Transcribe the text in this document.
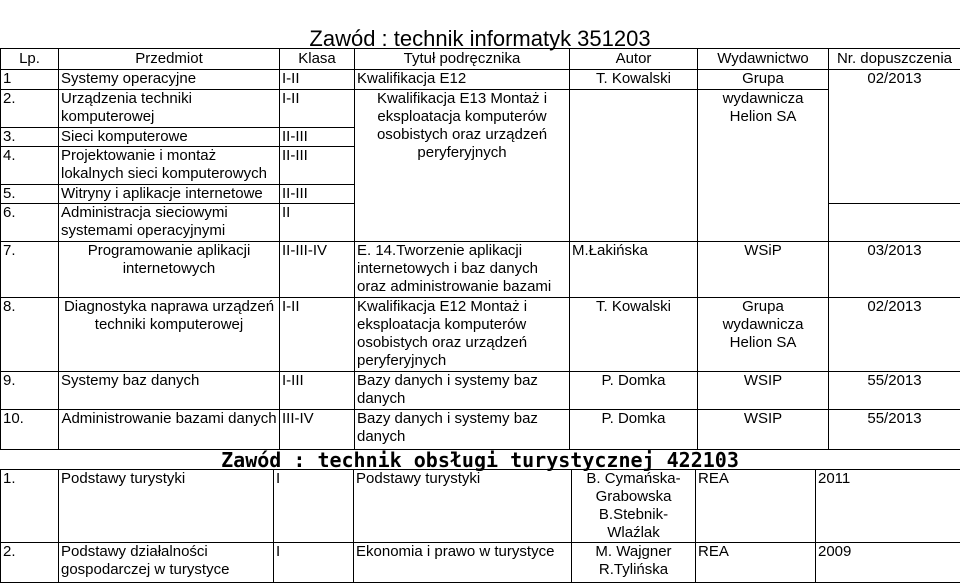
Zawód : technik informatyk 351203
Lp.	Przedmiot	Klasa	Tytuł podręcznika	Autor	Wydawnictwo	Nr. dopuszczenia
1	Systemy operacyjne	I-II	Kwalifikacja E12	T. Kowalski	Grupa	02/2013
2.	Urządzenia techniki komputerowej	I-II	Kwalifikacja E13 Montaż i eksploatacja komputerów osobistych oraz urządzeń peryferyjnych		wydawnicza Helion SA	
3.	Sieci komputerowe	II-III				
4.	Projektowanie i montaż lokalnych sieci komputerowych	II-III				
5.	Witryny i aplikacje internetowe	II-III				
6.	Administracja sieciowymi systemami operacyjnymi	II				
7.	Programowanie aplikacji internetowych	II-III-IV	E. 14.Tworzenie aplikacji internetowych i baz danych oraz administrowanie bazami	M.Łakińska	WSiP	03/2013
8.	Diagnostyka naprawa urządzeń techniki komputerowej	I-II	Kwalifikacja E12 Montaż i eksploatacja komputerów osobistych oraz urządzeń peryferyjnych	T. Kowalski	Grupa wydawnicza Helion SA	02/2013
9.	Systemy baz danych	I-III	Bazy danych i systemy baz danych	P. Domka	WSIP	55/2013
10.	Administrowanie bazami danych	III-IV	Bazy danych i systemy baz danych	P. Domka	WSIP	55/2013
Zawód : technik obsługi turystycznej 422103
1.	Podstawy turystyki	I	Podstawy turystyki	B. Cymańska-Grabowska B.Stebnik-Wlaźlak	REA	2011
2.	Podstawy działalności gospodarczej w turystyce	I	Ekonomia i prawo w turystyce	M. Wajgner R.Tylińska	REA	2009
